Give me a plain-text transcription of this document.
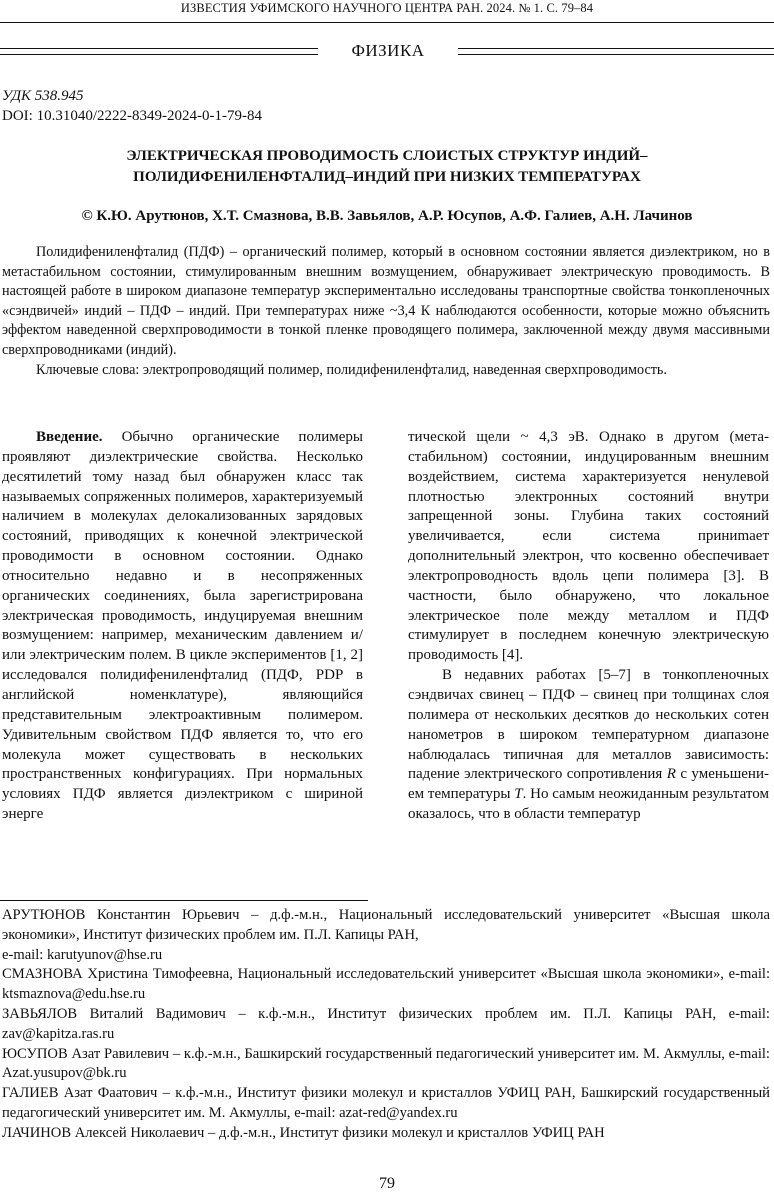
ИЗВЕСТИЯ УФИМСКОГО НАУЧНОГО ЦЕНТРА РАН. 2024. № 1. С. 79–84
ФИЗИКА
УДК 538.945
DOI: 10.31040/2222-8349-2024-0-1-79-84
ЭЛЕКТРИЧЕСКАЯ ПРОВОДИМОСТЬ СЛОИСТЫХ СТРУКТУР ИНДИЙ–
ПОЛИДИФЕНИЛЕНФТАЛИД–ИНДИЙ ПРИ НИЗКИХ ТЕМПЕРАТУРАХ
© К.Ю. Арутюнов, Х.Т. Смазнова, В.В. Завьялов, А.Р. Юсупов, А.Ф. Галиев, А.Н. Лачинов

Полидифениленфталид (ПДФ) – органический полимер, который в основном состоянии является диэлектриком, но в метастабильном состоянии, стимулированным внешним возмущением, обнаруживает электрическую проводимость. В настоящей работе в широком диапазоне температур экспериментально исследованы транспортные свойства тонкопленочных «сэндвичей» индий – ПДФ – индий. При температурах ниже ~3,4 К наблюдаются особенности, которые можно объяснить эффектом наведенной сверхпроводимости в тонкой пленке проводящего полимера, заключенной между двумя массивными сверхпроводниками (индий).

Ключевые слова: электропроводящий полимер, полидифениленфталид, наведенная сверхпроводимость.

Введение. Обычно органические полимеры проявляют диэлектрические свойства. Несколько десятилетий тому назад был обнаружен класс так называемых сопряженных полимеров, характеризуемый наличием в молекулах делокализованных зарядовых состояний, приводящих к конечной электрической проводимости в основном состоянии. Однако относительно недавно и в несопряженных органических соединениях, была зарегистрирована электрическая проводимость, индуцируемая внешним возмущением: например, механическим давлением и/или электрическим полем. В цикле экспериментов [1, 2] исследовался полидифениленфталид (ПДФ, PDP в английской номенклатуре), являющийся представительным электроактивным полимером. Удивительным свойством ПДФ является то, что его молекула может существовать в нескольких пространственных конфигурациях. При нормальных условиях ПДФ является диэлектриком с шириной энерге

тической щели ~ 4,3 эВ. Однако в другом (метастабильном) состоянии, индуцированным внешним воздействием, система характеризуется ненулевой плотностью электронных состояний внутри запрещенной зоны. Глубина таких состояний увеличивается, если система приниmает дополнительный электрон, что косвенно обеспечивает электропроводность вдоль цепи полимера [3]. В частности, было обнаружено, что локальное электрическое поле между металлом и ПДФ стимулирует в последнем конечную электрическую проводимость [4].

В недавних работах [5–7] в тонкопленочных сэндвичах свинец – ПДФ – свинец при толщинах слоя полимера от нескольких десятков до нескольких сотен нанометров в широком температурном диапазоне наблюдалась типичная для металлов зависимость: падение электрического сопротивления R с уменьшением температуры T. Но самым неожиданным результатом оказалось, что в области температур

АРУТЮНОВ Константин Юрьевич – д.ф.-м.н., Национальный исследовательский университет «Высшая школа экономики», Институт физических проблем им. П.Л. Капицы РАН,

e-mail: karutyunov@hse.ru

СМАЗНОВА Христина Тимофеевна, Национальный исследовательский университет «Высшая школа экономики», e-mail: ktsmaznova@edu.hse.ru

ЗАВЬЯЛОВ Виталий Вадимович – к.ф.-м.н., Институт физических проблем им. П.Л. Капицы РАН, e-mail: zav@kapitza.ras.ru

ЮСУПОВ Азат Равилевич – к.ф.-м.н., Башкирский государственный педагогический университет им. М. Акмуллы, e-mail: Azat.yusupov@bk.ru

ГАЛИЕВ Азат Фаатович – к.ф.-м.н., Институт физики молекул и кристаллов УФИЦ РАН, Башкирский государственный педагогический университет им. М. Акмуллы, e-mail: azat-red@yandex.ru

ЛАЧИНОВ Алексей Николаевич – д.ф.-м.н., Институт физики молекул и кристаллов УФИЦ РАН

79
